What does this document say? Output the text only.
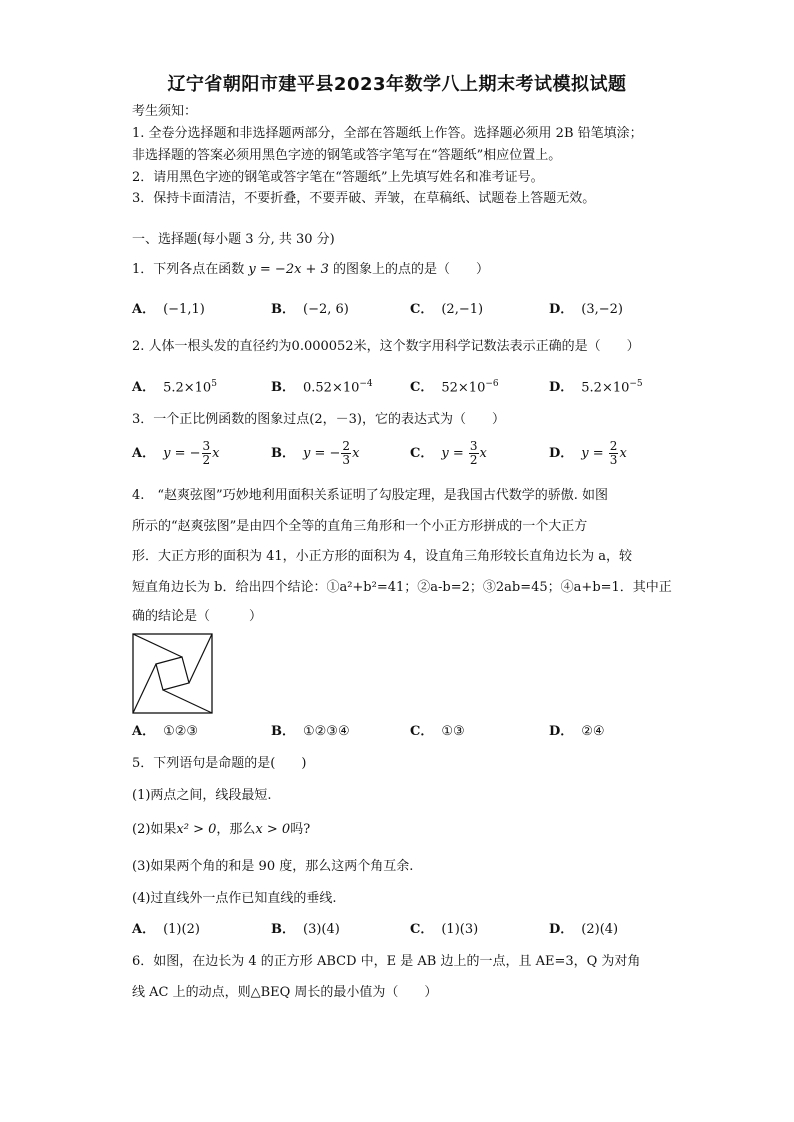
辽宁省朝阳市建平县2023年数学八上期末考试模拟试题
考生须知：
1. 全卷分选择题和非选择题两部分，全部在答题纸上作答。选择题必须用 2B 铅笔填涂；
非选择题的答案必须用黑色字迹的钢笔或答字笔写在“答题纸”相应位置上。
2．请用黑色字迹的钢笔或答字笔在“答题纸”上先填写姓名和准考证号。
3．保持卡面清洁，不要折叠，不要弄破、弄皱，在草稿纸、试题卷上答题无效。
一、选择题(每小题 3 分, 共 30 分)
1．下列各点在函数 y = −2x + 3 的图象上的点的是（　　）
A． (−1,1)	B． (−2, 6)	C． (2,−1)	D． (3,−2)
2. 人体一根头发的直径约为0.000052米，这个数字用科学记数法表示正确的是（　　）
A． $5.2\times 10^5$	B． $0.52\times 10^{-4}$	C． $52\times 10^{-6}$	D． $5.2\times 10^{-5}$
3．一个正比例函数的图象过点(2，－3)，它的表达式为（　　）
A． y = − $\frac{3}{2}$ x	B． y = − $\frac{2}{3}$ x	C． $y = \frac{3}{2}$ x	D． $y = \frac{2}{3}$ x
4.　“赵爽弦图”巧妙地利用面积关系证明了勾股定理，是我国古代数学的骄傲. 如图
所示的“赵爽弦图”是由四个全等的直角三角形和一个小正方形拼成的一个大正方
形．大正方形的面积为 41，小正方形的面积为 4，设直角三角形较长直角边长为 a，较
短直角边长为 b．给出四个结论：①a²+b²=41；②a-b=2；③2ab=45；④a+b=1．其中正
确的结论是（　　　）
A． ①②③	B． ①②③④	C． ①③	D． ②④
5．下列语句是命题的是(　　)
(1)两点之间，线段最短.
(2)如果x² > 0，那么x > 0吗?
(3)如果两个角的和是 90 度，那么这两个角互余.
(4)过直线外一点作已知直线的垂线.
A． (1)(2)	B． (3)(4)	C． (1)(3)	D． (2)(4)
6．如图，在边长为 4 的正方形 ABCD 中，E 是 AB 边上的一点，且 AE=3，Q 为对角
线 AC 上的动点，则△BEQ 周长的最小值为（　　）
